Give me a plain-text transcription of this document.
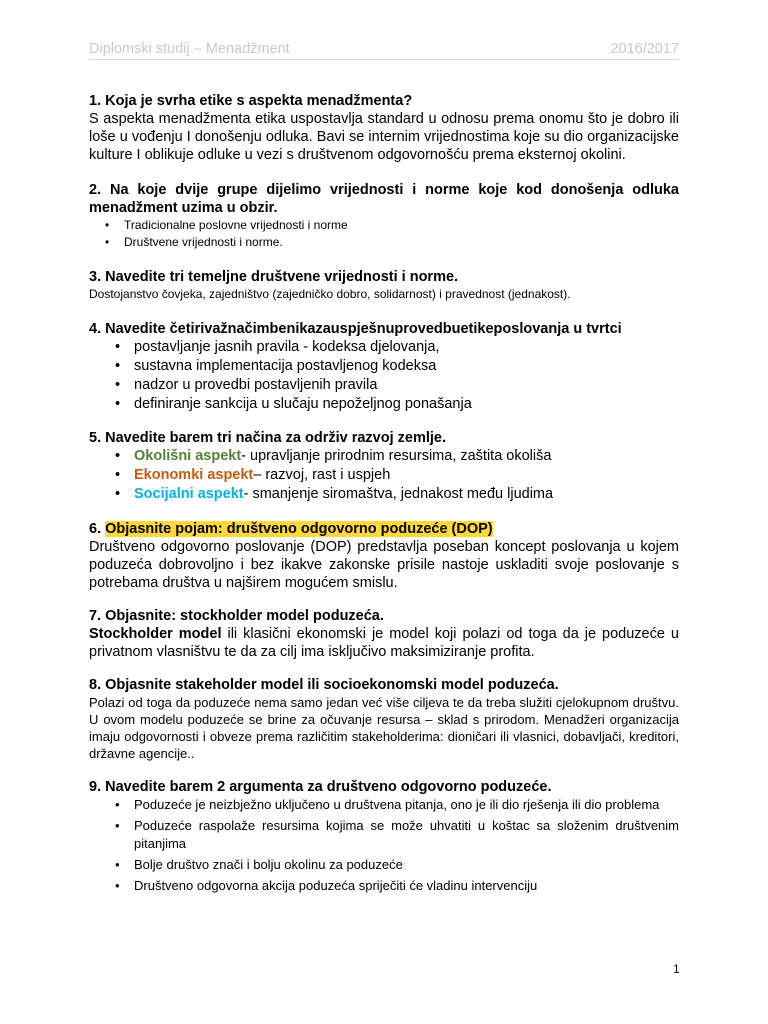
Diplomski studij – Menadžment	2016/2017

1. Koja je svrha etike s aspekta menadžmenta?

S aspekta menadžmenta etika uspostavlja standard u odnosu prema onomu što je dobro ili loše u vođenju I donošenju odluka. Bavi se internim vrijednostima koje su dio organizacijske kulture I oblikuje odluke u vezi s društvenom odgovornošću prema eksternoj okolini.

2. Na koje dvije grupe dijelimo vrijednosti i norme koje kod donošenja odluka menadžment uzima u obzir.

• Tradicionalne poslovne vrijednosti i norme
• Društvene vrijednosti i norme.

3. Navedite tri temeljne društvene vrijednosti i norme.

Dostojanstvo čovjeka, zajedništvo (zajedničko dobro, solidarnost) i pravednost (jednakost).

4. Navedite četirivažnačimbenikazauspješnuprovedbuetikeposlovanja u tvrtci

• postavljanje jasnih pravila - kodeksa djelovanja,
• sustavna implementacija postavljenog kodeksa
• nadzor u provedbi postavljenih pravila
• definiranje sankcija u slučaju nepoželjnog ponašanja

5. Navedite barem tri načina za održiv razvoj zemlje.

• Okolišni aspekt- upravljanje prirodnim resursima, zaštita okoliša
• Ekonomki aspekt– razvoj, rast i uspjeh
• Socijalni aspekt- smanjenje siromaštva, jednakost među ljudima

6. Objasnite pojam: društveno odgovorno poduzeće (DOP)

Društveno odgovorno poslovanje (DOP) predstavlja poseban koncept poslovanja u kojem poduzeća dobrovoljno i bez ikakve zakonske prisile nastoje uskladiti svoje poslovanje s potrebama društva u najširem mogućem smislu.

7. Objasnite: stockholder model poduzeća.

Stockholder model ili klasični ekonomski je model koji polazi od toga da je poduzeće u privatnom vlasništvu te da za cilj ima isključivo maksimiziranje profita.

8. Objasnite stakeholder model ili socioekonomski model poduzeća.

Polazi od toga da poduzeće nema samo jedan već više ciljeva te da treba služiti cjelokupnom društvu. U ovom modelu poduzeće se brine za očuvanje resursa – sklad s prirodom. Menadžeri organizacija imaju odgovornosti i obveze prema različitim stakeholderima: dioničari ili vlasnici, dobavljači, kreditori, državne agencije..

9. Navedite barem 2 argumenta za društveno odgovorno poduzeće.

• Poduzeće je neizbježno uključeno u društvena pitanja, ono je ili dio rješenja ili dio problema
• Poduzeće raspolaže resursima kojima se može uhvatiti u koštac sa složenim društvenim pitanjima
• Bolje društvo znači i bolju okolinu za poduzeće
• Društveno odgovorna akcija poduzeća spriječiti će vladinu intervenciju
1
